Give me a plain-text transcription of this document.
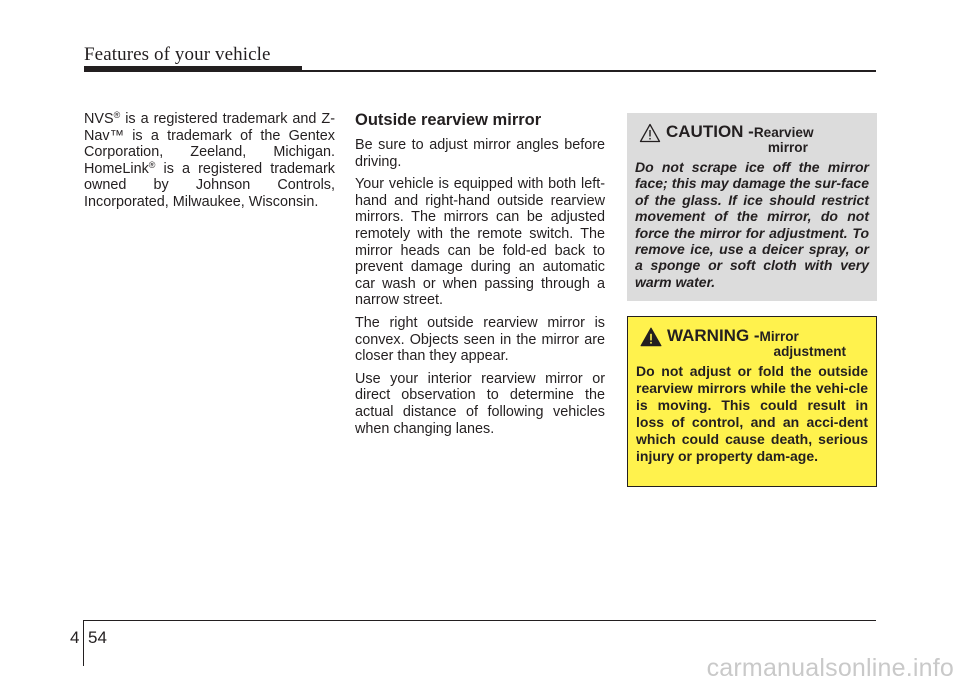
Features of your vehicle

NVS® is a registered trademark and Z-Nav™ is a trademark of the Gentex Corporation, Zeeland, Michigan. HomeLink® is a registered trademark owned by Johnson Controls, Incorporated, Milwaukee, Wisconsin.

Outside rearview mirror

Be sure to adjust mirror angles before driving.

Your vehicle is equipped with both left-hand and right-hand outside rearview mirrors. The mirrors can be adjusted remotely with the remote switch. The mirror heads can be fold-ed back to prevent damage during an automatic car wash or when passing through a narrow street.

The right outside rearview mirror is convex. Objects seen in the mirror are closer than they appear.

Use your interior rearview mirror or direct observation to determine the actual distance of following vehicles when changing lanes.

CAUTION - Rearview
mirror
Do not scrape ice off the mirror face; this may damage the sur-face of the glass. If ice should restrict movement of the mirror, do not force the mirror for adjustment. To remove ice, use a deicer spray, or a sponge or soft cloth with very warm water.
WARNING - Mirror
adjustment
Do not adjust or fold the outside rearview mirrors while the vehi-cle is moving. This could result in loss of control, and an acci-dent which could cause death, serious injury or property dam-age.
4 54
carmanualsonline.info
